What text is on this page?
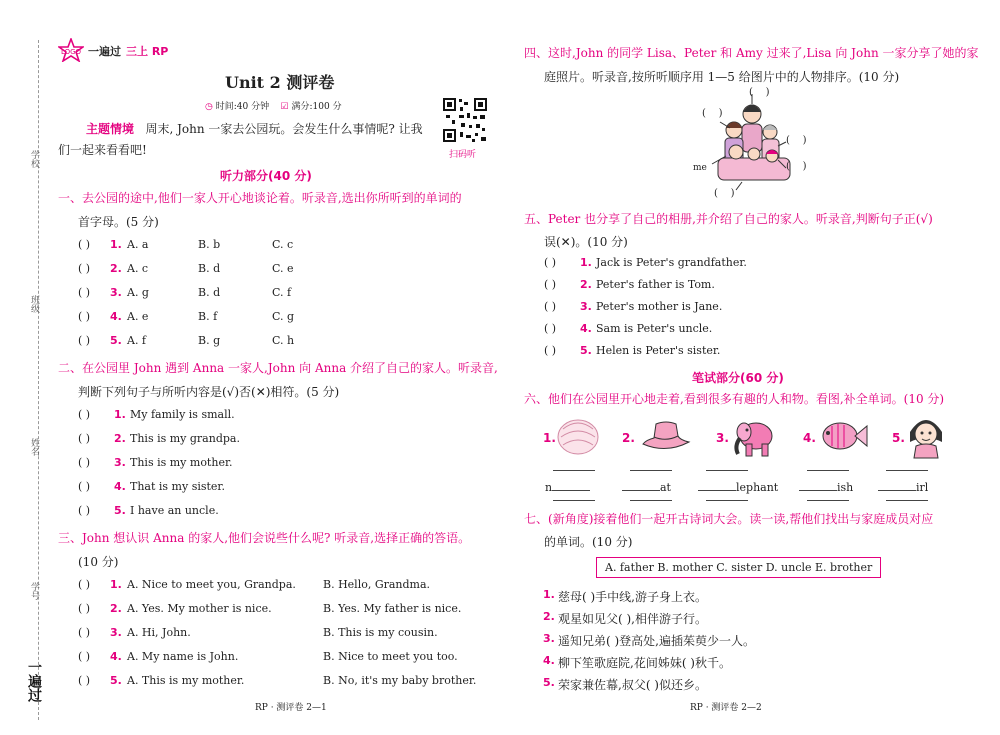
学校
班级
姓名
学号
一遍过
LOGO 一遍过 三上 RP
Unit 2 测评卷
◷ 时间:40 分钟 ☑ 满分:100 分
扫码听
主题情境 周末, John 一家去公园玩。会发生什么事情呢? 让我
们一起来看看吧!
听力部分(40 分)
一、去公园的途中,他们一家人开心地谈论着。听录音,选出你所听到的单词的
首字母。(5 分)
( ) 1. A. a	B. b	C. c
( ) 2. A. c	B. d	C. e
( ) 3. A. g	B. d	C. f
( ) 4. A. e	B. f	C. g
( ) 5. A. f	B. g	C. h
二、在公园里 John 遇到 Anna 一家人,John 向 Anna 介绍了自己的家人。听录音,
判断下列句子与所听内容是(√)否(✕)相符。(5 分)
( ) 1. My family is small.
( ) 2. This is my grandpa.
( ) 3. This is my mother.
( ) 4. That is my sister.
( ) 5. I have an uncle.
三、John 想认识 Anna 的家人,他们会说些什么呢? 听录音,选择正确的答语。
(10 分)
( ) 1. A. Nice to meet you, Grandpa. B. Hello, Grandma.
( ) 2. A. Yes. My mother is nice.	B. Yes. My father is nice.
( ) 3. A. Hi, John.	B. This is my cousin.
( ) 4. A. My name is John.	B. Nice to meet you too.
( ) 5. A. This is my mother.	B. No, it's my baby brother.
RP · 测评卷 2—1
四、这时,John 的同学 Lisa、Peter 和 Amy 过来了,Lisa 向 John 一家分享了她的家
庭照片。听录音,按所听顺序用 1—5 给图片中的人物排序。(10 分)
(    )
(    )
(    )
(    )
(    )
me
五、Peter 也分享了自己的相册,并介绍了自己的家人。听录音,判断句子正(√)
误(✕)。(10 分)
( ) 1. Jack is Peter's grandfather.
( ) 2. Peter's father is Tom.
( ) 3. Peter's mother is Jane.
( ) 4. Sam is Peter's uncle.
( ) 5. Helen is Peter's sister.
笔试部分(60 分)
六、他们在公园里开心地走着,看到很多有趣的人和物。看图,补全单词。(10 分)
1.	2.	3.	4.	5.
n	at	lephant	ish	irl
七、(新角度)接着他们一起开古诗词大会。读一读,帮他们找出与家庭成员对应
的单词。(10 分)
A. father B. mother C. sister D. uncle E. brother
1. 慈母( )手中线,游子身上衣。
2. 观星如见父( ),相伴游子行。
3. 遥知兄弟( )登高处,遍插茱萸少一人。
4. 柳下笙歌庭院,花间姊妹( )秋千。
5. 荣家兼佐幕,叔父( )似还乡。
RP · 测评卷 2—2
